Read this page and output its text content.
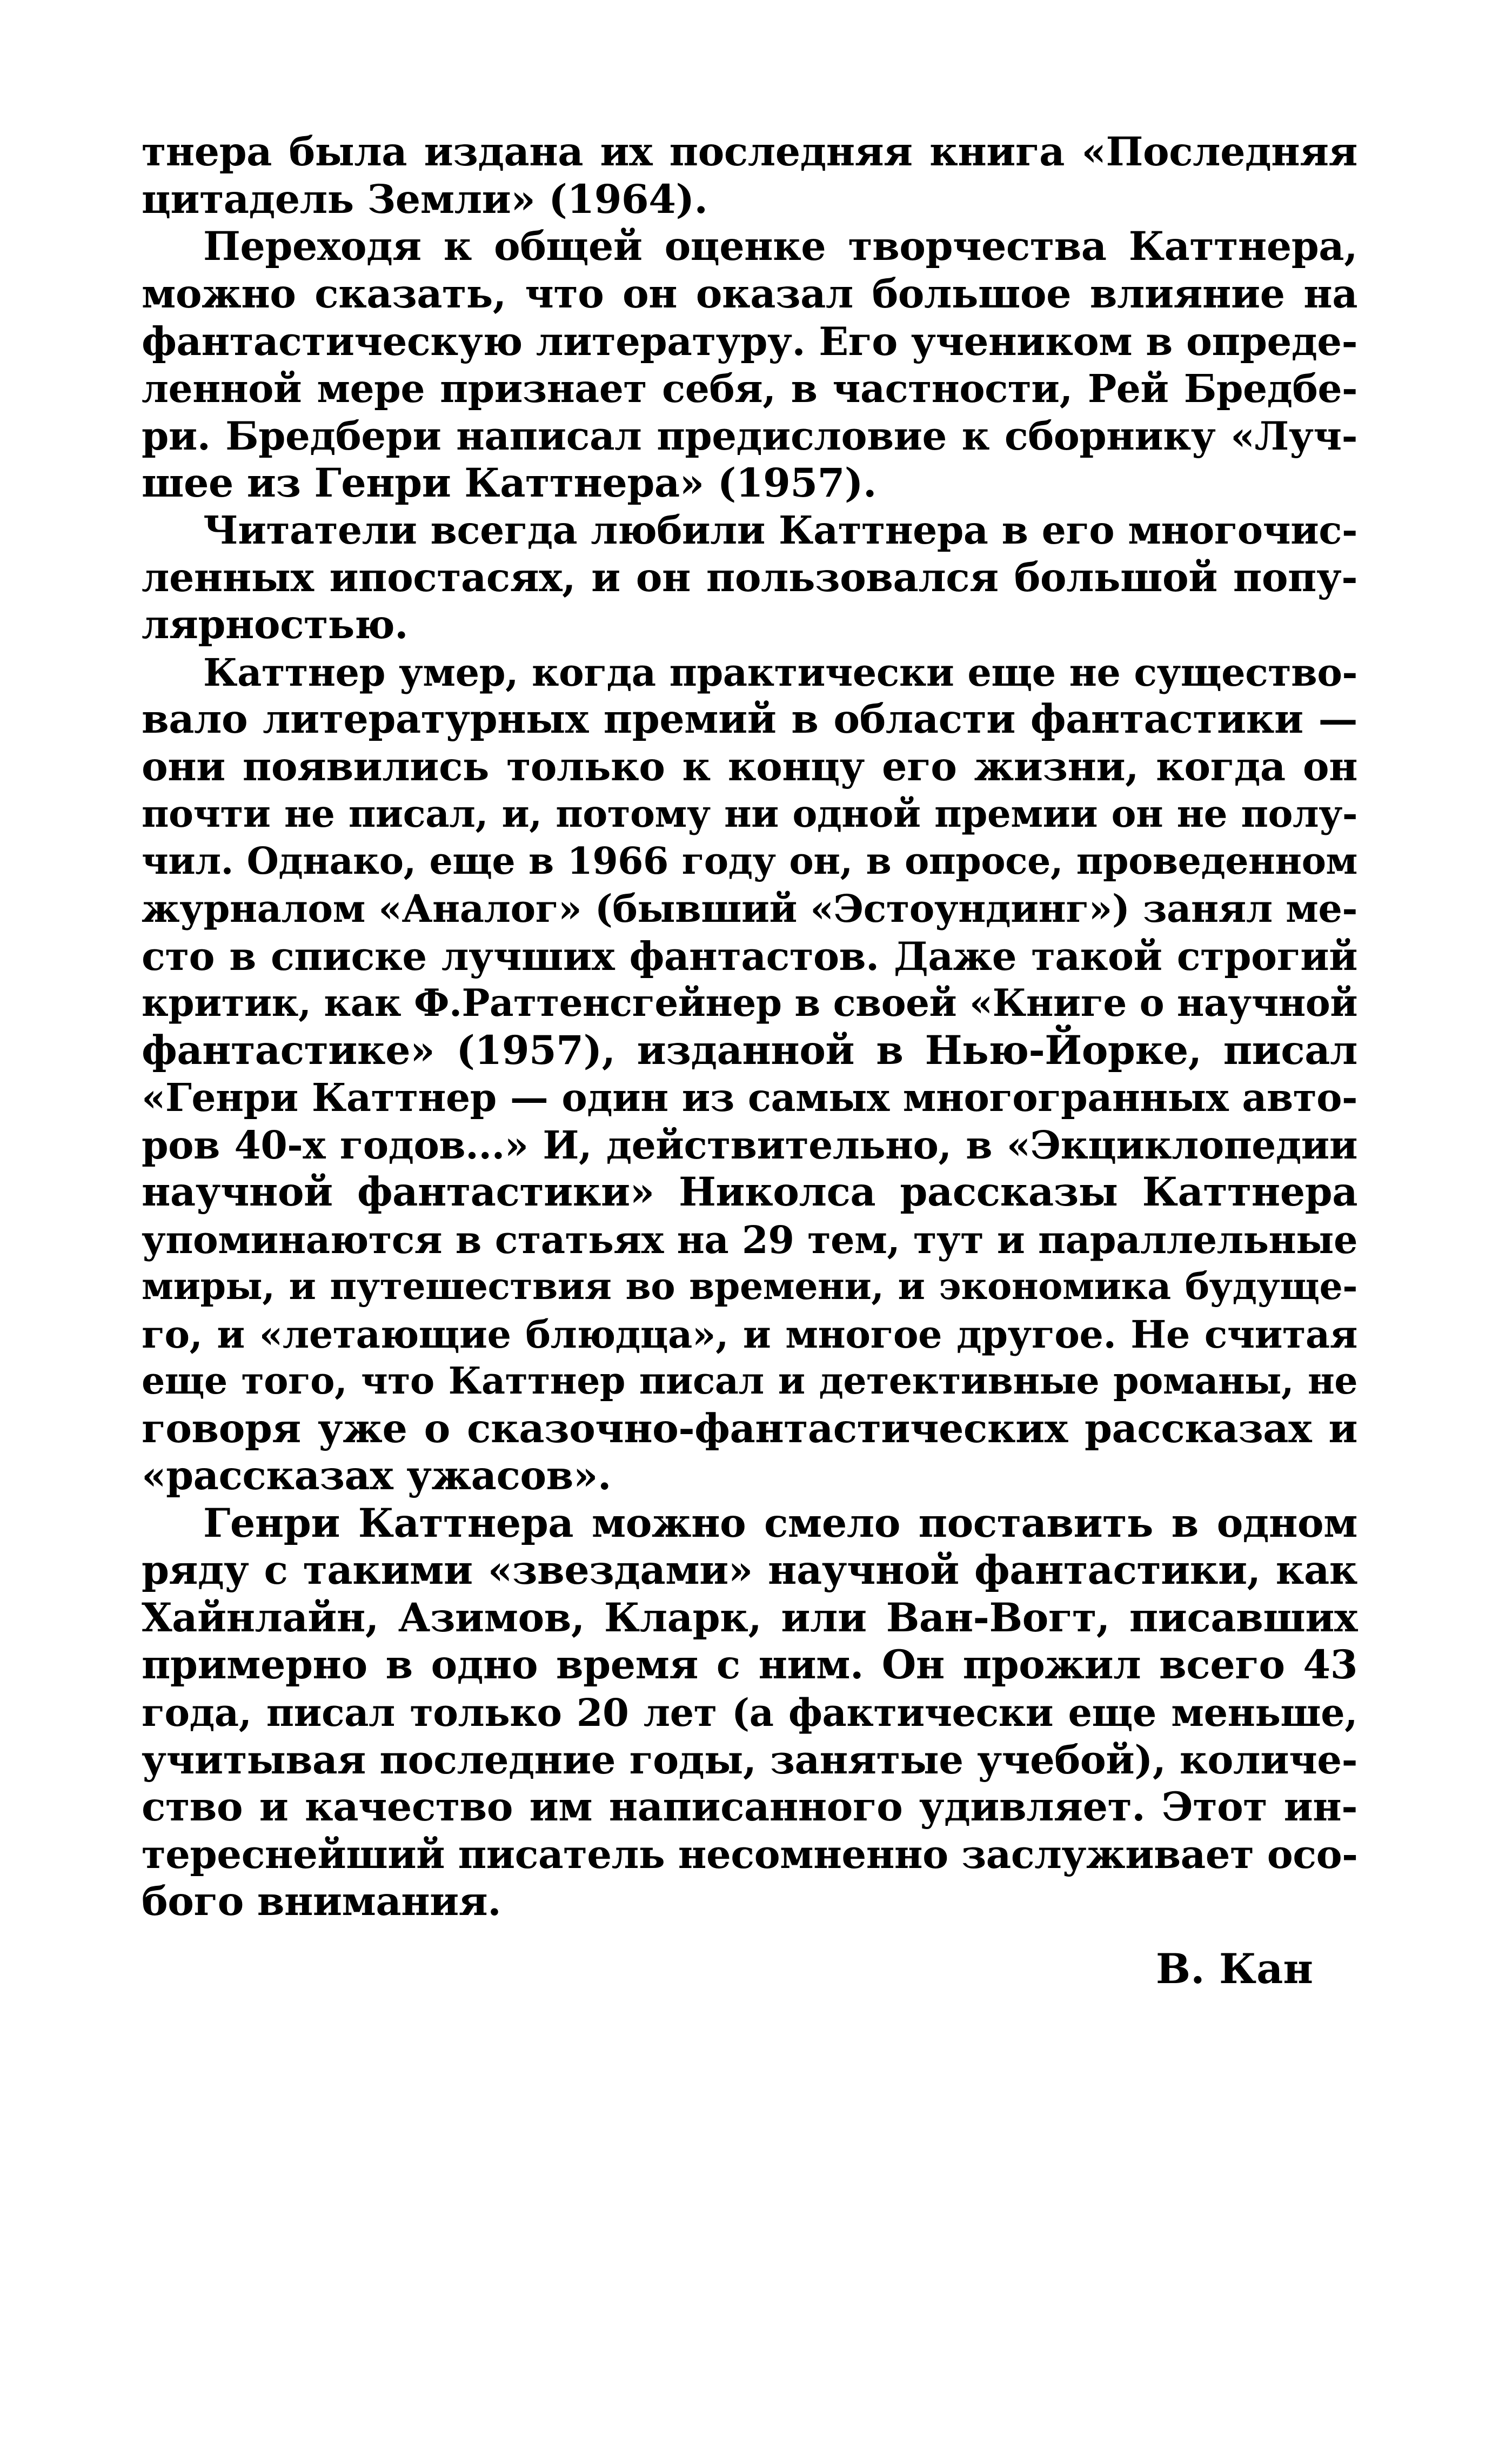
тнера была издана их последняя книга «Последняя
цитадель Земли» (1964).
Переходя к общей оценке творчества Каттнера,
можно сказать, что он оказал большое влияние на
фантастическую литературу. Его учеником в опреде-
ленной мере признает себя, в частности, Рей Бредбе-
ри. Бредбери написал предисловие к сборнику «Луч-
шее из Генри Каттнера» (1957).
Читатели всегда любили Каттнера в его многочис-
ленных ипостасях, и он пользовался большой попу-
лярностью.
Каттнер умер, когда практически еще не существо-
вало литературных премий в области фантастики —
они появились только к концу его жизни, когда он
почти не писал, и, потому ни одной премии он не полу-
чил. Однако, еще в 1966 году он, в опросе, проведенном
журналом «Аналог» (бывший «Эстоундинг») занял ме-
сто в списке лучших фантастов. Даже такой строгий
критик, как Ф.Раттенсгейнер в своей «Книге о научной
фантастике» (1957), изданной в Нью-Йорке, писал
«Генри Каттнер — один из самых многогранных авто-
ров 40-х годов...» И, действительно, в «Экциклопедии
научной фантастики» Николса рассказы Каттнера
упоминаются в статьях на 29 тем, тут и параллельные
миры, и путешествия во времени, и экономика будуще-
го, и «летающие блюдца», и многое другое. Не считая
еще того, что Каттнер писал и детективные романы, не
говоря уже о сказочно-фантастических рассказах и
«рассказах ужасов».
Генри Каттнера можно смело поставить в одном
ряду с такими «звездами» научной фантастики, как
Хайнлайн, Азимов, Кларк, или Ван-Вогт, писавших
примерно в одно время с ним. Он прожил всего 43
года, писал только 20 лет (а фактически еще меньше,
учитывая последние годы, занятые учебой), количе-
ство и качество им написанного удивляет. Этот ин-
тереснейший писатель несомненно заслуживает осо-
бого внимания.
В. Кан
